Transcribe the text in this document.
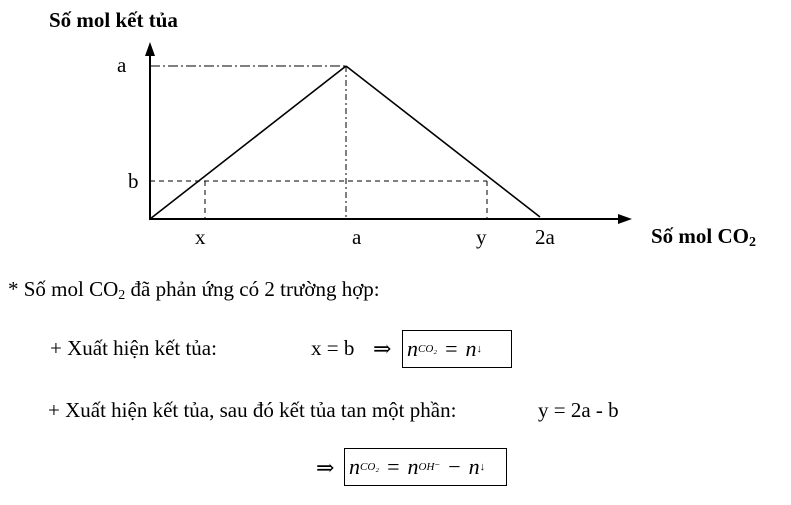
Số mol kết tủa
Số mol $CO_2$
a
b
x	a	y 2a
* Số mol $CO_2$ đã phản ứng có 2 trường hợp:
+ Xuất hiện kết tủa:	x = b ⇒ n CO₂ = n ↓
+ Xuất hiện kết tủa, sau đó kết tủa tan một phần:	y = 2a - b
⇒ n CO₂ = n OH⁻ − n ↓
